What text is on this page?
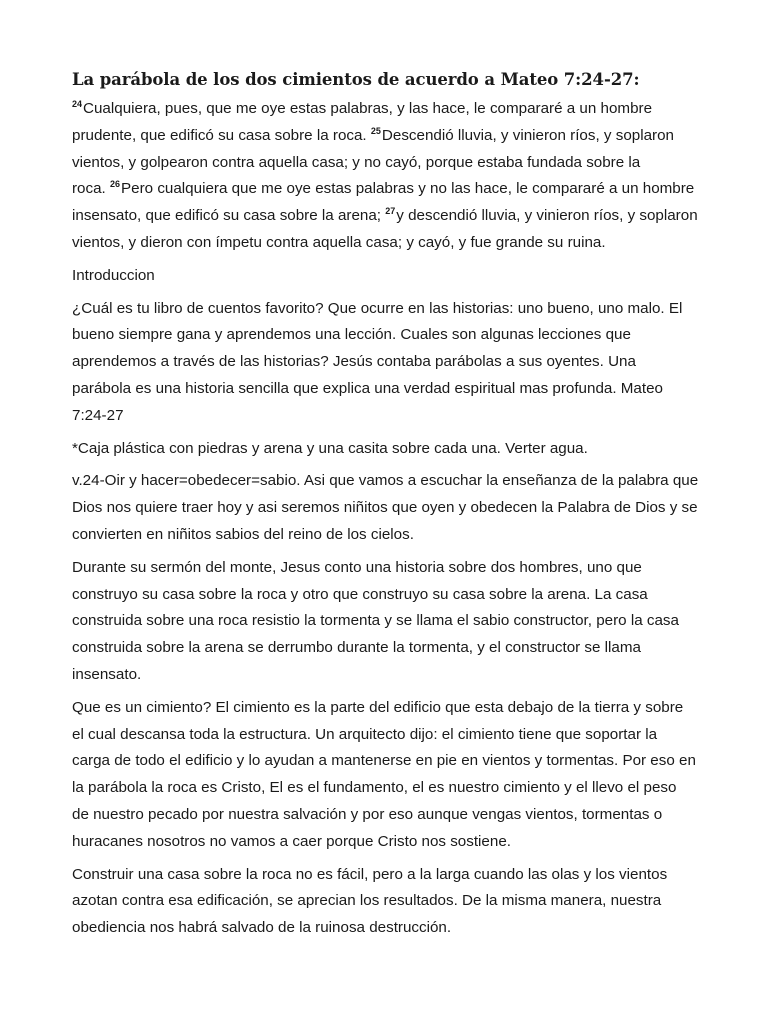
La parábola de los dos cimientos de acuerdo a Mateo 7:24-27:

$^{24}$Cualquiera, pues, que me oye estas palabras, y las hace, le compararé a un hombre
prudente, que edificó su casa sobre la roca. $^{25}$Descendió lluvia, y vinieron ríos, y soplaron
vientos, y golpearon contra aquella casa; y no cayó, porque estaba fundada sobre la
roca. $^{26}$Pero cualquiera que me oye estas palabras y no las hace, le compararé a un hombre
insensato, que edificó su casa sobre la arena; $^{27}$y descendió lluvia, y vinieron ríos, y soplaron
vientos, y dieron con ímpetu contra aquella casa; y cayó, y fue grande su ruina.

Introduccion

¿Cuál es tu libro de cuentos favorito? Que ocurre en las historias: uno bueno, uno malo. El
bueno siempre gana y aprendemos una lección. Cuales son algunas lecciones que
aprendemos a través de las historias? Jesús contaba parábolas a sus oyentes. Una
parábola es una historia sencilla que explica una verdad espiritual mas profunda. Mateo
7:24-27

*Caja plástica con piedras y arena y una casita sobre cada una. Verter agua.

v.24-Oir y hacer=obedecer=sabio. Asi que vamos a escuchar la enseñanza de la palabra que
Dios nos quiere traer hoy y asi seremos niñitos que oyen y obedecen la Palabra de Dios y se
convierten en niñitos sabios del reino de los cielos.

Durante su sermón del monte, Jesus conto una historia sobre dos hombres, uno que
construyo su casa sobre la roca y otro que construyo su casa sobre la arena. La casa
construida sobre una roca resistio la tormenta y se llama el sabio constructor, pero la casa
construida sobre la arena se derrumbo durante la tormenta, y el constructor se llama
insensato.

Que es un cimiento? El cimiento es la parte del edificio que esta debajo de la tierra y sobre
el cual descansa toda la estructura. Un arquitecto dijo: el cimiento tiene que soportar la
carga de todo el edificio y lo ayudan a mantenerse en pie en vientos y tormentas. Por eso en
la parábola la roca es Cristo, El es el fundamento, el es nuestro cimiento y el llevo el peso
de nuestro pecado por nuestra salvación y por eso aunque vengas vientos, tormentas o
huracanes nosotros no vamos a caer porque Cristo nos sostiene.

Construir una casa sobre la roca no es fácil, pero a la larga cuando las olas y los vientos
azotan contra esa edificación, se aprecian los resultados. De la misma manera, nuestra
obediencia nos habrá salvado de la ruinosa destrucción.
